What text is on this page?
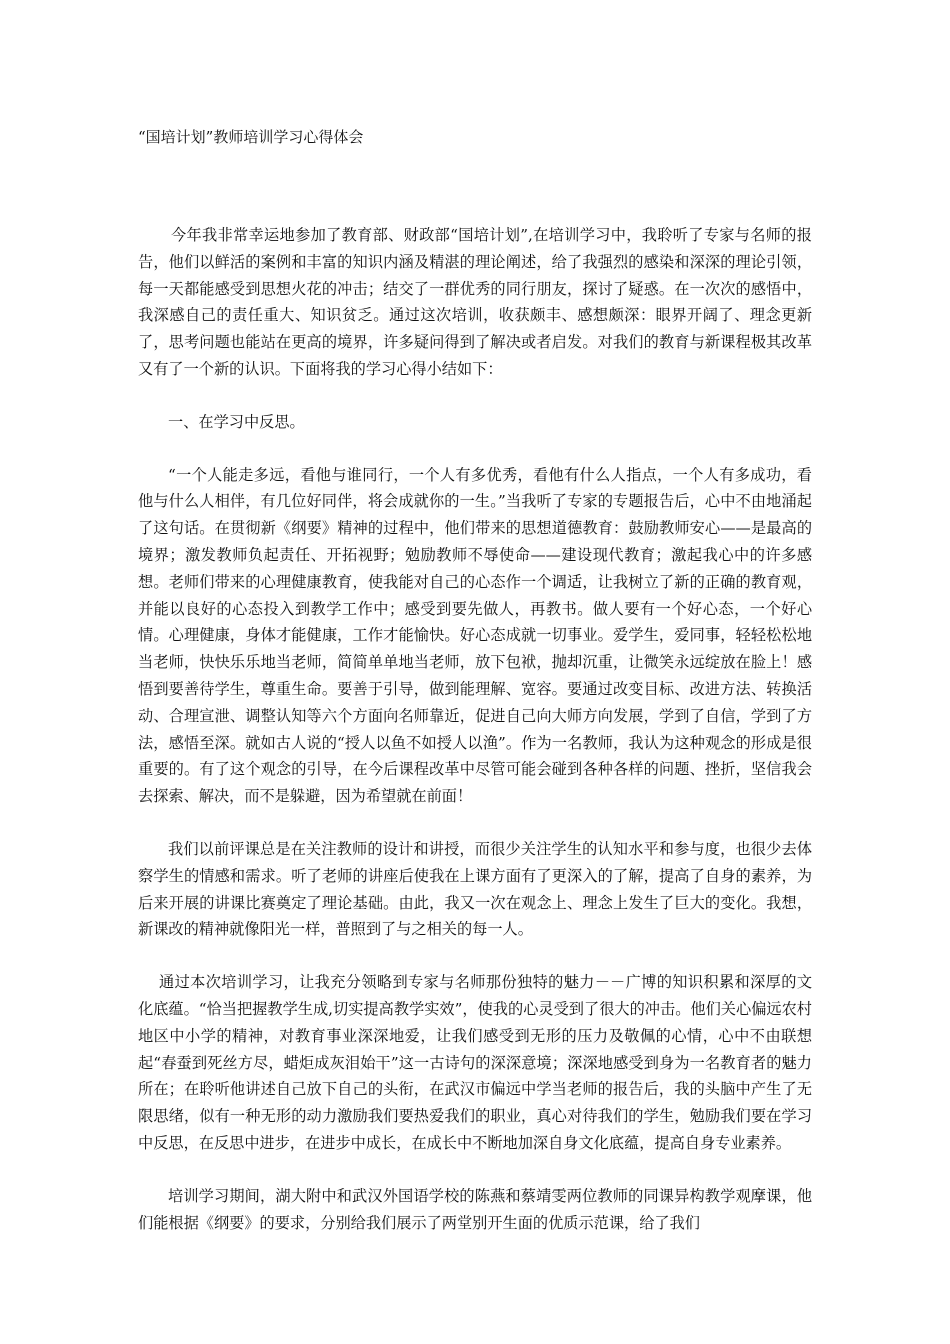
“国培计划”教师培训学习心得体会

今年我非常幸运地参加了教育部、财政部“国培计划”,在培训学习中，我聆听了专家与名师的报告，他们以鲜活的案例和丰富的知识内涵及精湛的理论阐述，给了我强烈的感染和深深的理论引领，每一天都能感受到思想火花的冲击；结交了一群优秀的同行朋友，探讨了疑惑。在一次次的感悟中，我深感自己的责任重大、知识贫乏。通过这次培训，收获颇丰、感想颇深：眼界开阔了、理念更新了，思考问题也能站在更高的境界，许多疑问得到了解决或者启发。对我们的教育与新课程极其改革又有了一个新的认识。下面将我的学习心得小结如下：

一、在学习中反思。

“一个人能走多远，看他与谁同行，一个人有多优秀，看他有什么人指点，一个人有多成功，看他与什么人相伴，有几位好同伴，将会成就你的一生。”当我听了专家的专题报告后，心中不由地涌起了这句话。在贯彻新《纲要》精神的过程中，他们带来的思想道德教育：鼓励教师安心——是最高的境界；激发教师负起责任、开拓视野；勉励教师不辱使命——建设现代教育；激起我心中的许多感想。老师们带来的心理健康教育，使我能对自己的心态作一个调适，让我树立了新的正确的教育观，并能以良好的心态投入到教学工作中；感受到要先做人，再教书。做人要有一个好心态，一个好心情。心理健康，身体才能健康，工作才能愉快。好心态成就一切事业。爱学生，爱同事，轻轻松松地当老师，快快乐乐地当老师，简简单单地当老师，放下包袱，抛却沉重，让微笑永远绽放在脸上！感悟到要善待学生，尊重生命。要善于引导，做到能理解、宽容。要通过改变目标、改进方法、转换活动、合理宣泄、调整认知等六个方面向名师靠近，促进自己向大师方向发展，学到了自信，学到了方法，感悟至深。就如古人说的“授人以鱼不如授人以渔”。作为一名教师，我认为这种观念的形成是很重要的。有了这个观念的引导，在今后课程改革中尽管可能会碰到各种各样的问题、挫折，坚信我会去探索、解决，而不是躲避，因为希望就在前面！

我们以前评课总是在关注教师的设计和讲授，而很少关注学生的认知水平和参与度，也很少去体察学生的情感和需求。听了老师的讲座后使我在上课方面有了更深入的了解，提高了自身的素养，为后来开展的讲课比赛奠定了理论基础。由此，我又一次在观念上、理念上发生了巨大的变化。我想，新课改的精神就像阳光一样，普照到了与之相关的每一人。

通过本次培训学习，让我充分领略到专家与名师那份独特的魅力－－广博的知识积累和深厚的文化底蕴。“恰当把握教学生成,切实提高教学实效”，使我的心灵受到了很大的冲击。他们关心偏远农村地区中小学的精神，对教育事业深深地爱，让我们感受到无形的压力及敬佩的心情，心中不由联想起“春蚕到死丝方尽，蜡炬成灰泪始干”这一古诗句的深深意境；深深地感受到身为一名教育者的魅力所在；在聆听他讲述自己放下自己的头衔，在武汉市偏远中学当老师的报告后，我的头脑中产生了无限思绪，似有一种无形的动力激励我们要热爱我们的职业，真心对待我们的学生，勉励我们要在学习中反思，在反思中进步，在进步中成长，在成长中不断地加深自身文化底蕴，提高自身专业素养。

培训学习期间，湖大附中和武汉外国语学校的陈燕和蔡靖雯两位教师的同课异构教学观摩课，他们能根据《纲要》的要求，分别给我们展示了两堂别开生面的优质示范课，给了我们
